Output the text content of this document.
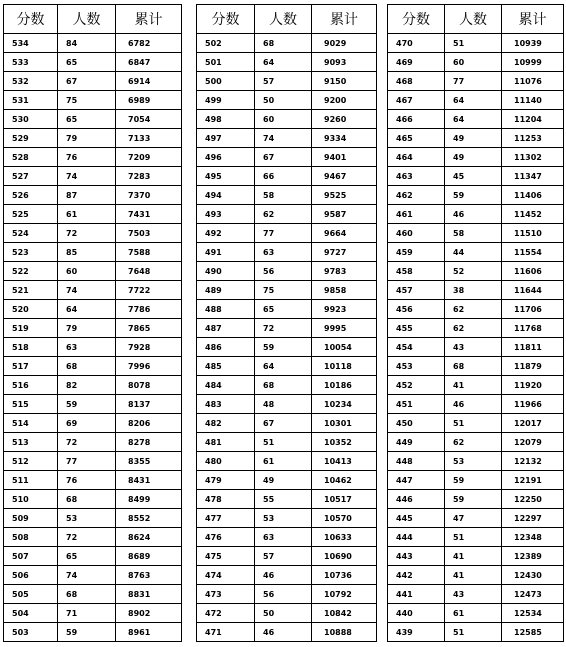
分数	人数	累计
534	84	6782
533	65	6847
532	67	6914
531	75	6989
530	65	7054
529	79	7133
528	76	7209
527	74	7283
526	87	7370
525	61	7431
524	72	7503
523	85	7588
522	60	7648
521	74	7722
520	64	7786
519	79	7865
518	63	7928
517	68	7996
516	82	8078
515	59	8137
514	69	8206
513	72	8278
512	77	8355
511	76	8431
510	68	8499
509	53	8552
508	72	8624
507	65	8689
506	74	8763
505	68	8831
504	71	8902
503	59	8961
分数	人数	累计
502	68	9029
501	64	9093
500	57	9150
499	50	9200
498	60	9260
497	74	9334
496	67	9401
495	66	9467
494	58	9525
493	62	9587
492	77	9664
491	63	9727
490	56	9783
489	75	9858
488	65	9923
487	72	9995
486	59	10054
485	64	10118
484	68	10186
483	48	10234
482	67	10301
481	51	10352
480	61	10413
479	49	10462
478	55	10517
477	53	10570
476	63	10633
475	57	10690
474	46	10736
473	56	10792
472	50	10842
471	46	10888
分数	人数	累计
470	51	10939
469	60	10999
468	77	11076
467	64	11140
466	64	11204
465	49	11253
464	49	11302
463	45	11347
462	59	11406
461	46	11452
460	58	11510
459	44	11554
458	52	11606
457	38	11644
456	62	11706
455	62	11768
454	43	11811
453	68	11879
452	41	11920
451	46	11966
450	51	12017
449	62	12079
448	53	12132
447	59	12191
446	59	12250
445	47	12297
444	51	12348
443	41	12389
442	41	12430
441	43	12473
440	61	12534
439	51	12585
